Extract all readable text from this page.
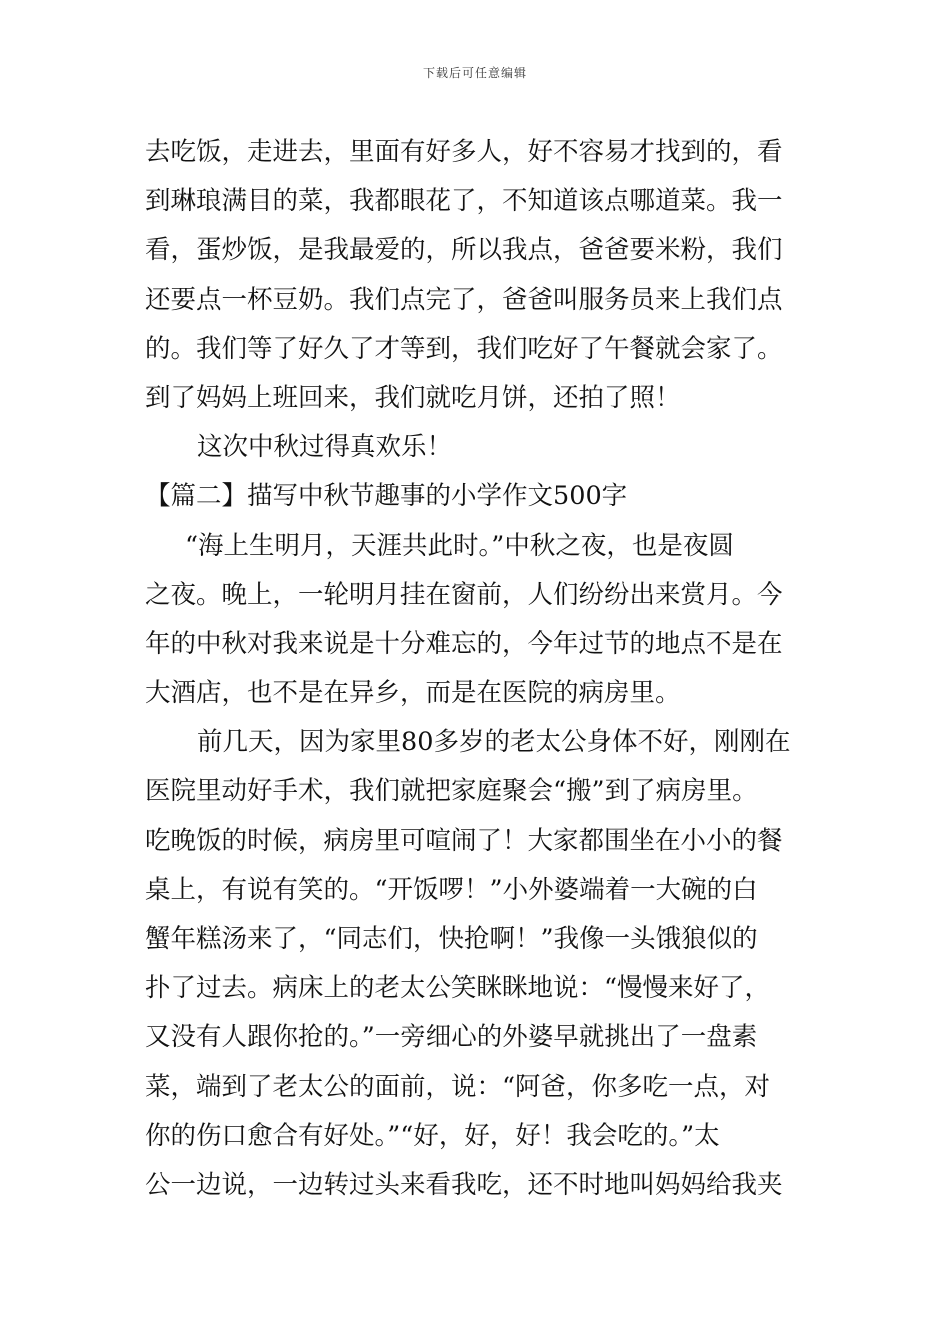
下载后可任意编辑
去吃饭，走进去，里面有好多人，好不容易才找到的，看
到琳琅满目的菜，我都眼花了，不知道该点哪道菜。我一
看，蛋炒饭，是我最爱的，所以我点，爸爸要米粉，我们
还要点一杯豆奶。我们点完了，爸爸叫服务员来上我们点
的。我们等了好久了才等到，我们吃好了午餐就会家了。
到了妈妈上班回来，我们就吃月饼，还拍了照！
这次中秋过得真欢乐！
【篇二】描写中秋节趣事的小学作文500字
“海上生明月，天涯共此时。”中秋之夜，也是夜圆
之夜。晚上，一轮明月挂在窗前，人们纷纷出来赏月。今
年的中秋对我来说是十分难忘的，今年过节的地点不是在
大酒店，也不是在异乡，而是在医院的病房里。
前几天，因为家里80多岁的老太公身体不好，刚刚在
医院里动好手术，我们就把家庭聚会“搬”到了病房里。
吃晚饭的时候，病房里可喧闹了！大家都围坐在小小的餐
桌上，有说有笑的。“开饭啰！”小外婆端着一大碗的白
蟹年糕汤来了，“同志们，快抢啊！”我像一头饿狼似的
扑了过去。病床上的老太公笑眯眯地说：“慢慢来好了，
又没有人跟你抢的。”一旁细心的外婆早就挑出了一盘素
菜，端到了老太公的面前，说：“阿爸，你多吃一点，对
你的伤口愈合有好处。”“好，好，好！我会吃的。”太
公一边说，一边转过头来看我吃，还不时地叫妈妈给我夹
